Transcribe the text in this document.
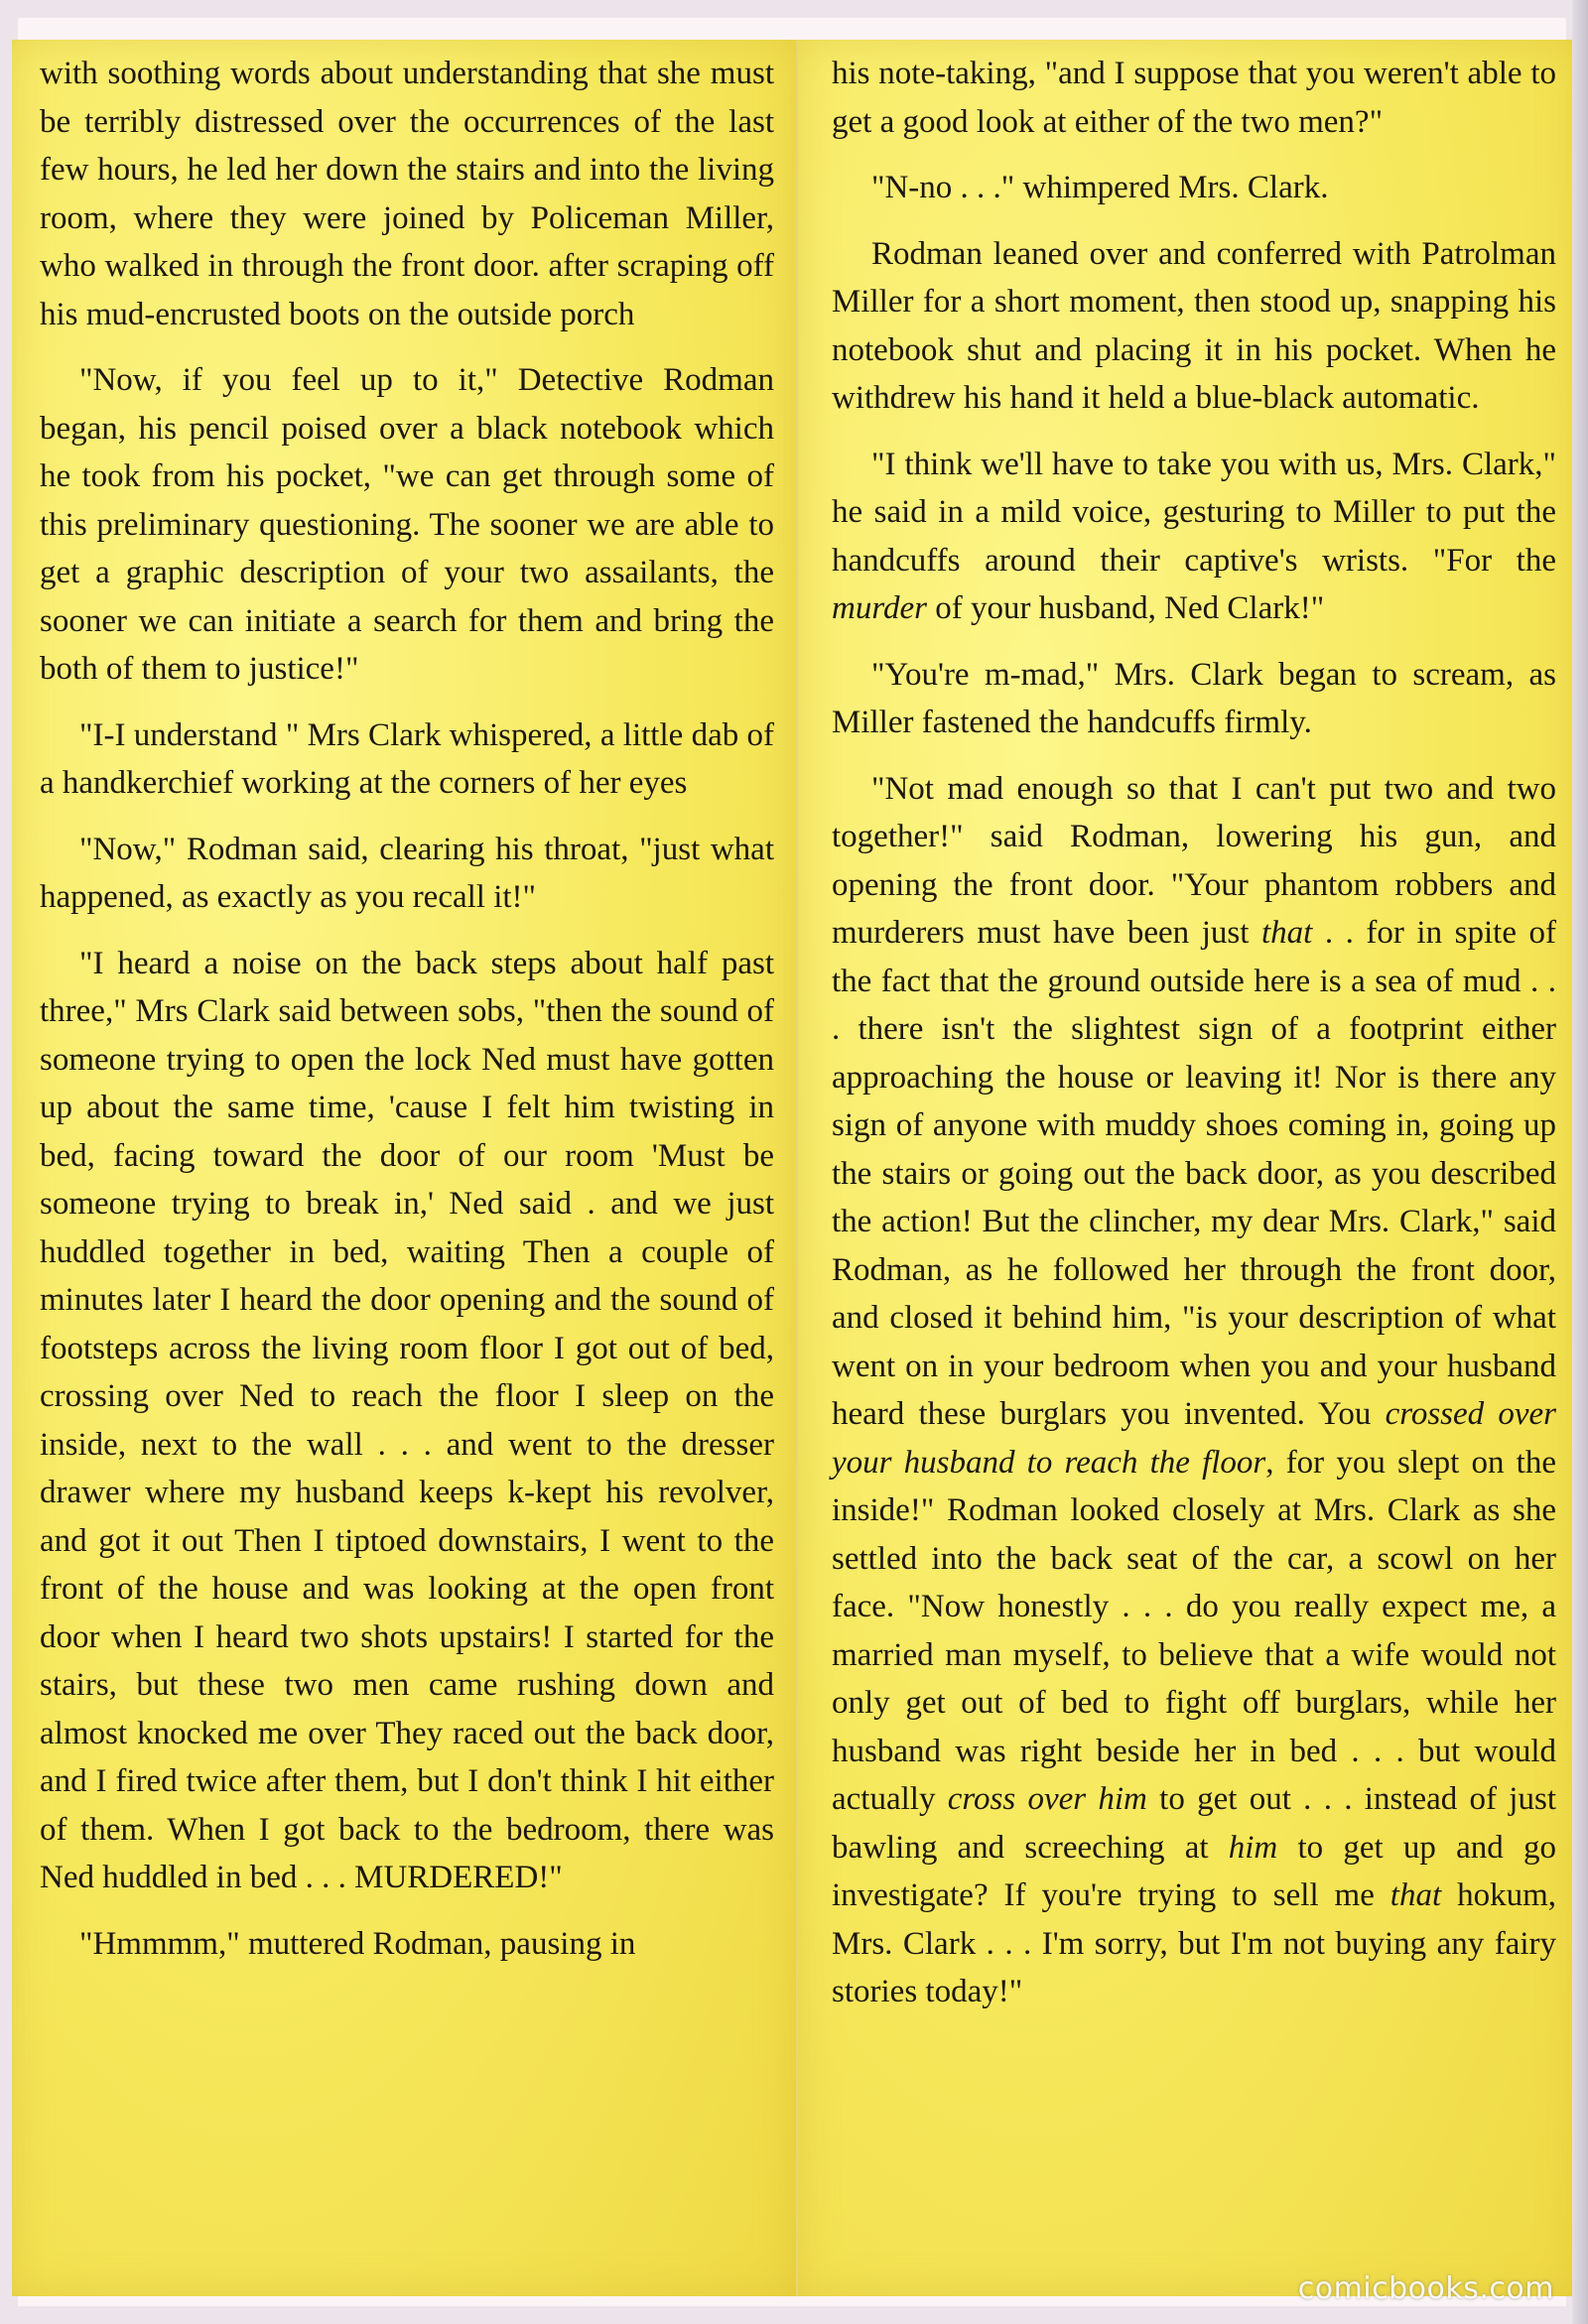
with soothing words about understanding that she must be terribly distressed over the occurrences of the last few hours, he led her down the stairs and into the living room, where they were joined by Policeman Miller, who walked in through the front door. after scraping off his mud-encrusted boots on the outside porch

"Now, if you feel up to it," Detective Rodman began, his pencil poised over a black notebook which he took from his pocket, "we can get through some of this preliminary questioning. The sooner we are able to get a graphic description of your two assailants, the sooner we can initiate a search for them and bring the both of them to justice!"

"I-I understand " Mrs Clark whispered, a little dab of a handkerchief working at the corners of her eyes

"Now," Rodman said, clearing his throat, "just what happened, as exactly as you recall it!"

"I heard a noise on the back steps about half past three," Mrs Clark said between sobs, "then the sound of someone trying to open the lock Ned must have gotten up about the same time, 'cause I felt him twisting in bed, facing toward the door of our room 'Must be someone trying to break in,' Ned said . and we just huddled together in bed, waiting Then a couple of minutes later I heard the door opening and the sound of footsteps across the living room floor I got out of bed, crossing over Ned to reach the floor I sleep on the inside, next to the wall . . . and went to the dresser drawer where my husband keeps k-kept his revolver, and got it out Then I tiptoed downstairs, I went to the front of the house and was looking at the open front door when I heard two shots upstairs! I started for the stairs, but these two men came rushing down and almost knocked me over They raced out the back door, and I fired twice after them, but I don't think I hit either of them. When I got back to the bedroom, there was Ned huddled in bed . . . MURDERED!"

"Hmmmm," muttered Rodman, pausing in

his note-taking, "and I suppose that you weren't able to get a good look at either of the two men?"

"N-no . . ." whimpered Mrs. Clark.

Rodman leaned over and conferred with Patrolman Miller for a short moment, then stood up, snapping his notebook shut and placing it in his pocket. When he withdrew his hand it held a blue-black automatic.

"I think we'll have to take you with us, Mrs. Clark," he said in a mild voice, gesturing to Miller to put the handcuffs around their captive's wrists. "For the murder of your husband, Ned Clark!"

"You're m-mad," Mrs. Clark began to scream, as Miller fastened the handcuffs firmly.

"Not mad enough so that I can't put two and two together!" said Rodman, lowering his gun, and opening the front door. "Your phantom robbers and murderers must have been just that . . for in spite of the fact that the ground outside here is a sea of mud . . . there isn't the slightest sign of a footprint either approaching the house or leaving it! Nor is there any sign of anyone with muddy shoes coming in, going up the stairs or going out the back door, as you described the action! But the clincher, my dear Mrs. Clark," said Rodman, as he followed her through the front door, and closed it behind him, "is your description of what went on in your bedroom when you and your husband heard these burglars you invented. You crossed over your husband to reach the floor, for you slept on the inside!" Rodman looked closely at Mrs. Clark as she settled into the back seat of the car, a scowl on her face. "Now honestly . . . do you really expect me, a married man myself, to believe that a wife would not only get out of bed to fight off burglars, while her husband was right beside her in bed . . . but would actually cross over him to get out . . . instead of just bawling and screeching at him to get up and go investigate? If you're trying to sell me that hokum, Mrs. Clark . . . I'm sorry, but I'm not buying any fairy stories today!"

comicbooks.com
